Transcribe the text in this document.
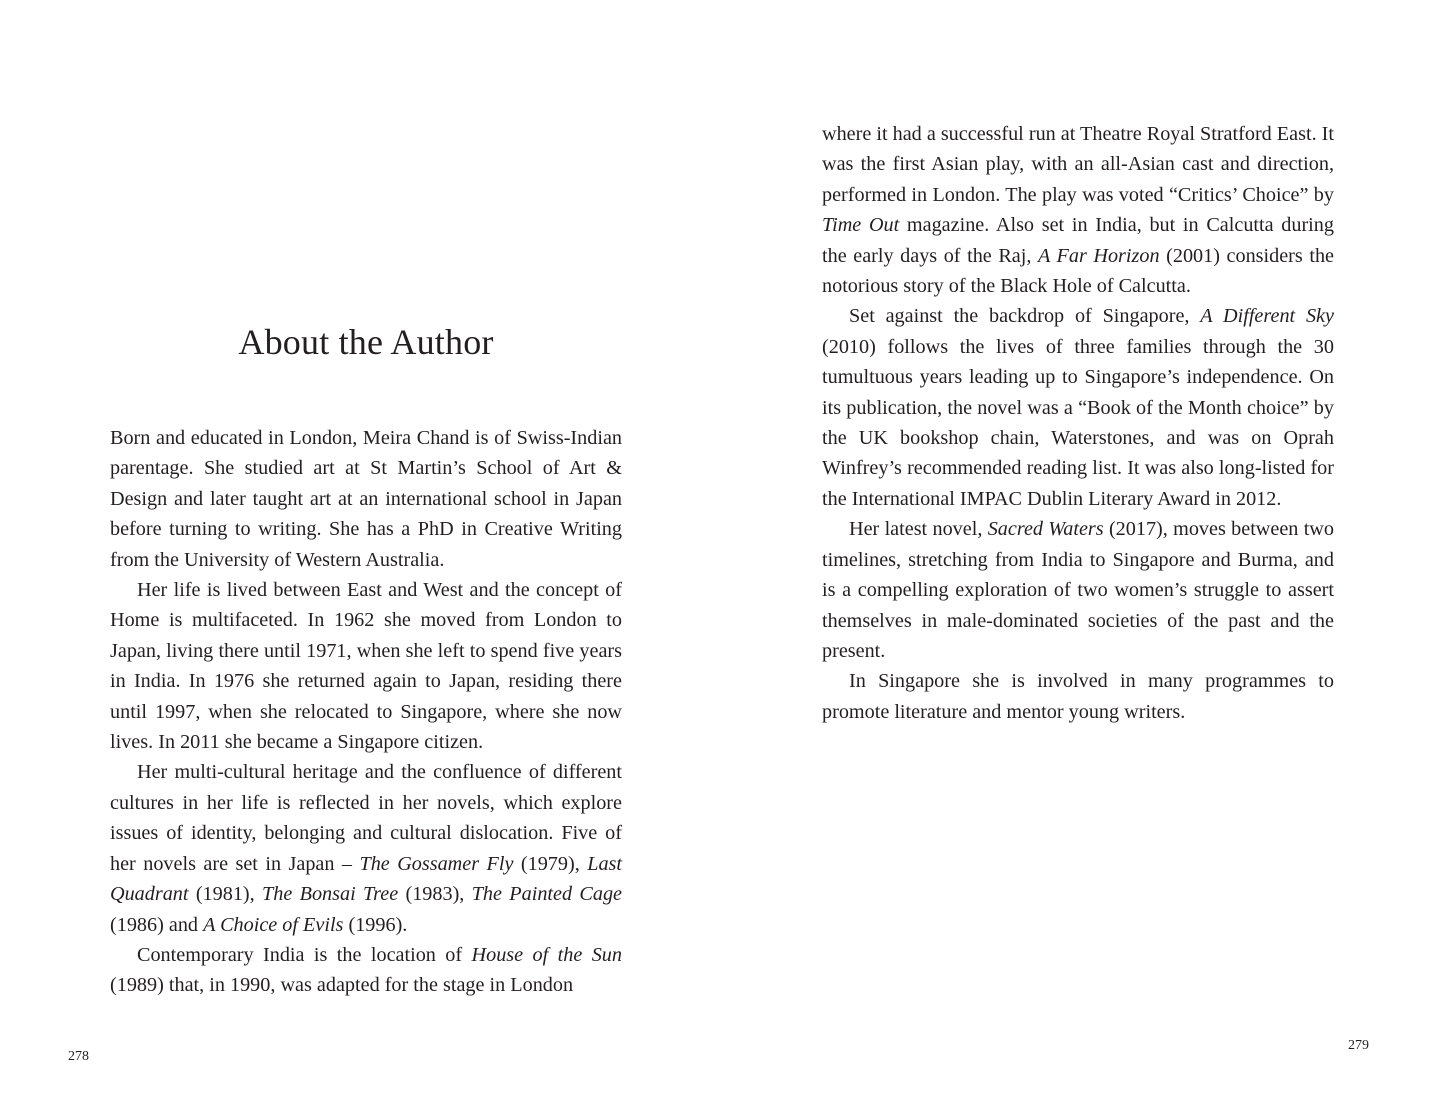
About the Author

Born and educated in London, Meira Chand is of Swiss-Indian parentage. She studied art at St Martin’s School of Art & Design and later taught art at an international school in Japan before turning to writing. She has a PhD in Creative Writing from the University of Western Australia.

Her life is lived between East and West and the concept of Home is multifaceted. In 1962 she moved from London to Japan, living there until 1971, when she left to spend five years in India. In 1976 she returned again to Japan, residing there until 1997, when she relocated to Singapore, where she now lives. In 2011 she became a Singapore citizen.

Her multi-cultural heritage and the confluence of different cultures in her life is reflected in her novels, which explore issues of identity, belonging and cultural dislocation. Five of her novels are set in Japan – The Gossamer Fly (1979), Last Quadrant (1981), The Bonsai Tree (1983), The Painted Cage (1986) and A Choice of Evils (1996).

Contemporary India is the location of House of the Sun (1989) that, in 1990, was adapted for the stage in London

278

where it had a successful run at Theatre Royal Stratford East. It was the first Asian play, with an all-Asian cast and direction, performed in London. The play was voted “Critics’ Choice” by Time Out magazine. Also set in India, but in Calcutta during the early days of the Raj, A Far Horizon (2001) considers the notorious story of the Black Hole of Calcutta.

Set against the backdrop of Singapore, A Different Sky (2010) follows the lives of three families through the 30 tumultuous years leading up to Singapore’s independence. On its publication, the novel was a “Book of the Month choice” by the UK bookshop chain, Waterstones, and was on Oprah Winfrey’s recommended reading list. It was also long-listed for the International IMPAC Dublin Literary Award in 2012.

Her latest novel, Sacred Waters (2017), moves between two timelines, stretching from India to Singapore and Burma, and is a compelling exploration of two women’s struggle to assert themselves in male-dominated societies of the past and the present.

In Singapore she is involved in many programmes to promote literature and mentor young writers.

279
